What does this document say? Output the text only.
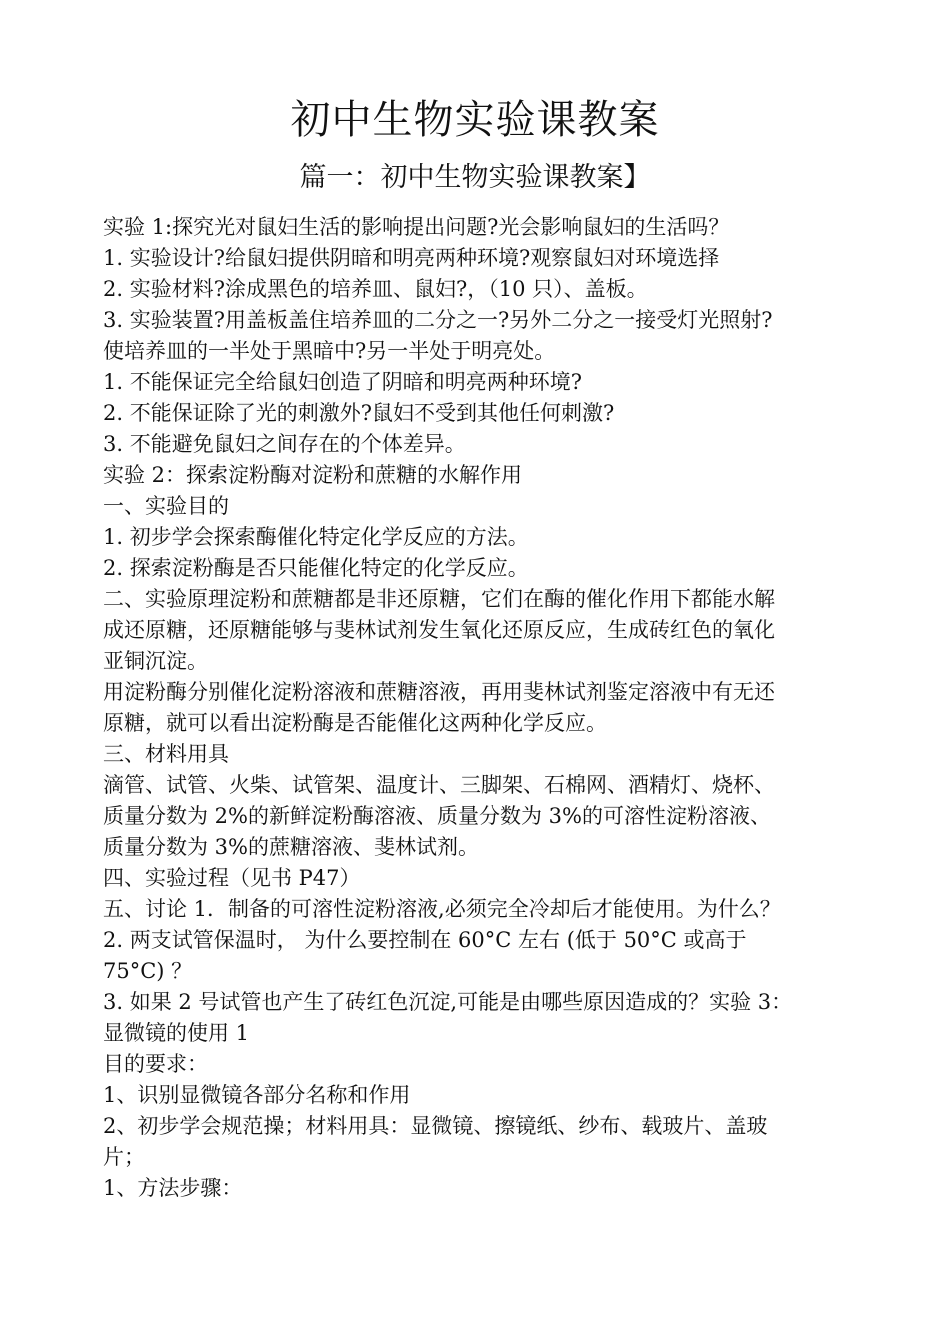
初中生物实验课教案
篇一：初中生物实验课教案】
实验 1:探究光对鼠妇生活的影响提出问题?光会影响鼠妇的生活吗？
1. 实验设计?给鼠妇提供阴暗和明亮两种环境?观察鼠妇对环境选择
2. 实验材料?涂成黑色的培养皿、鼠妇?，（10 只）、盖板。
3. 实验装置?用盖板盖住培养皿的二分之一?另外二分之一接受灯光照射?
使培养皿的一半处于黑暗中?另一半处于明亮处。
1. 不能保证完全给鼠妇创造了阴暗和明亮两种环境?
2. 不能保证除了光的刺激外?鼠妇不受到其他任何刺激?
3. 不能避免鼠妇之间存在的个体差异。
实验 2：探索淀粉酶对淀粉和蔗糖的水解作用
一、实验目的
1. 初步学会探索酶催化特定化学反应的方法。
2. 探索淀粉酶是否只能催化特定的化学反应。
二、实验原理淀粉和蔗糖都是非还原糖，它们在酶的催化作用下都能水解
成还原糖，还原糖能够与斐林试剂发生氧化还原反应，生成砖红色的氧化
亚铜沉淀。
用淀粉酶分别催化淀粉溶液和蔗糖溶液，再用斐林试剂鉴定溶液中有无还
原糖，就可以看出淀粉酶是否能催化这两种化学反应。
三、材料用具
滴管、试管、火柴、试管架、温度计、三脚架、石棉网、酒精灯、烧杯、
质量分数为 2%的新鲜淀粉酶溶液、质量分数为 3%的可溶性淀粉溶液、
质量分数为 3%的蔗糖溶液、斐林试剂。
四、实验过程（见书 P47）
五、讨论 1．制备的可溶性淀粉溶液,必须完全冷却后才能使用。为什么？
2. 两支试管保温时， 为什么要控制在 60°C 左右 (低于 50°C 或高于
75°C) ？
3. 如果 2 号试管也产生了砖红色沉淀,可能是由哪些原因造成的？实验 3：
显微镜的使用 1
目的要求：
1、识别显微镜各部分名称和作用
2、初步学会规范操；材料用具：显微镜、擦镜纸、纱布、载玻片、盖玻
片；
1、方法步骤：
